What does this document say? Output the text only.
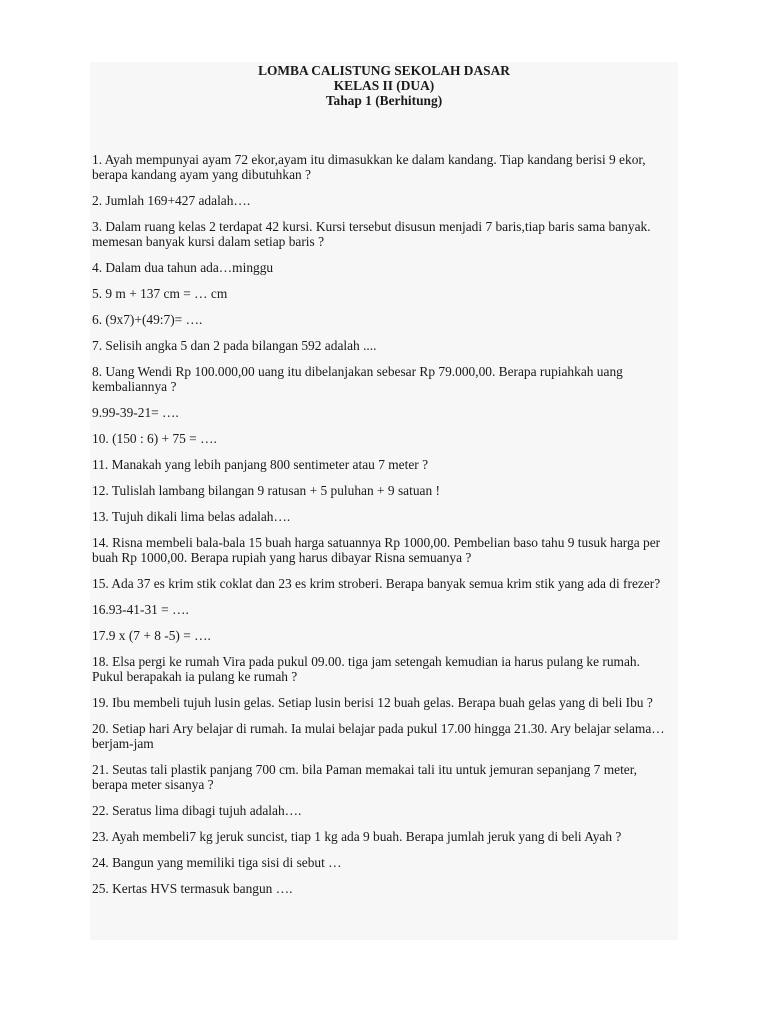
LOMBA CALISTUNG SEKOLAH DASAR
KELAS II (DUA)
Tahap 1 (Berhitung)

1. Ayah mempunyai ayam 72 ekor,ayam itu dimasukkan ke dalam kandang. Tiap kandang berisi 9 ekor, berapa kandang ayam yang dibutuhkan ?

2. Jumlah 169+427 adalah….

3. Dalam ruang kelas 2 terdapat 42 kursi. Kursi tersebut disusun menjadi 7 baris,tiap baris sama banyak. memesan banyak kursi dalam setiap baris ?

4. Dalam dua tahun ada…minggu

5. 9 m + 137 cm = … cm

6. (9x7)+(49:7)= ….

7. Selisih angka 5 dan 2 pada bilangan 592 adalah ....

8. Uang Wendi Rp 100.000,00 uang itu dibelanjakan sebesar Rp 79.000,00. Berapa rupiahkah uang kembaliannya ?

9.99-39-21= ….

10. (150 : 6) + 75 = ….

11. Manakah yang lebih panjang 800 sentimeter atau 7 meter ?

12. Tulislah lambang bilangan 9 ratusan + 5 puluhan + 9 satuan !

13. Tujuh dikali lima belas adalah….

14. Risna membeli bala-bala 15 buah harga satuannya Rp 1000,00. Pembelian baso tahu 9 tusuk harga per buah Rp 1000,00. Berapa rupiah yang harus dibayar Risna semuanya ?

15. Ada 37 es krim stik coklat dan 23 es krim stroberi. Berapa banyak semua krim stik yang ada di frezer?

16.93-41-31 = ….

17.9 x (7 + 8 -5) = ….

18. Elsa pergi ke rumah Vira pada pukul 09.00. tiga jam setengah kemudian ia harus pulang ke rumah. Pukul berapakah ia pulang ke rumah ?

19. Ibu membeli tujuh lusin gelas. Setiap lusin berisi 12 buah gelas. Berapa buah gelas yang di beli Ibu ?

20. Setiap hari Ary belajar di rumah. Ia mulai belajar pada pukul 17.00 hingga 21.30. Ary belajar selama… berjam-jam

21. Seutas tali plastik panjang 700 cm. bila Paman memakai tali itu untuk jemuran sepanjang 7 meter, berapa meter sisanya ?

22. Seratus lima dibagi tujuh adalah….

23. Ayah membeli7 kg jeruk suncist, tiap 1 kg ada 9 buah. Berapa jumlah jeruk yang di beli Ayah ?

24. Bangun yang memiliki tiga sisi di sebut …

25. Kertas HVS termasuk bangun ….
